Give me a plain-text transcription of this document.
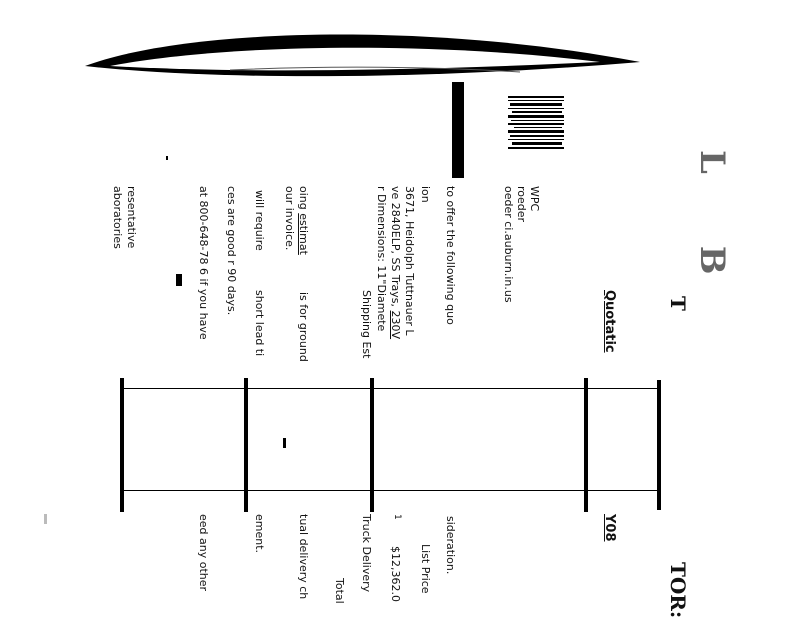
L B
T
TOR:
WPC
roeder
oeder ci.auburn.in.us
Quotatic
Y08
to offer the following quo
sideration.
ion
3671, Heidolph Tuttnauer L
ve 2840ELP, SS Trays, 230V
r Dimensions: 11"Diamete
List Price
1
$12,362.0
Shipping Est
Truck Delivery
Total
oing estimat
is for ground
tual delivery ch
our invoice.
will require
short lead ti
ement.
ces are good r 90 days.
at 800-648-78 6 if you have
eed any other
resentative
aboratories
